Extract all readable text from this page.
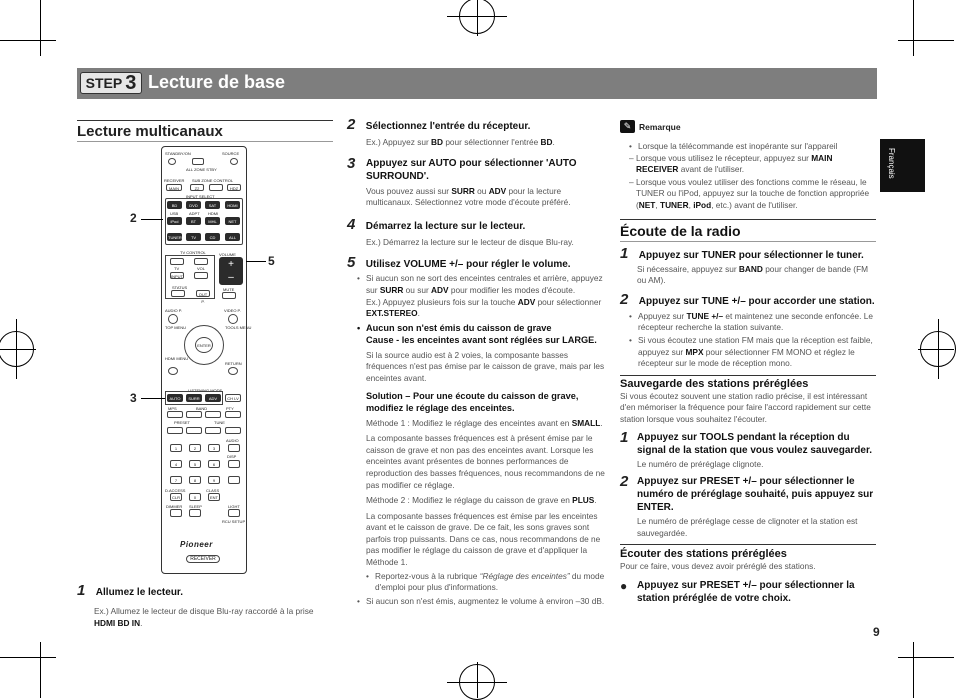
STEP 3 Lecture de base
Français
Lecture multicanaux
STANDBY/ON	SOURCE
ALL ZONE STBY
RECEIVER SUB ZONE CONTROL
MAIN	Z2	HDZ
INPUT SELECT
BD	DVD	SAT	HDMI
USB	ADPT HDMI
iPod	BT	MHL	NET
TUNER	TV	CD	ALL
TV CONTROL	VOLUME
TV	VOL
INPUT
+
–
STATUS
OUT P.
MUTE
AUDIO P.	VIDEO P.
TOP MENU	TOOLS MENU
ENTER
HDMI MENU
RETURN
LISTENING MODE
AUTO	SURR	ADV	CH LV
MPS	BAND	PTY
PRESET	TUNE
AUDIO
1	2	3
DISP
4	5	6
7	8	9
D.ACCESS	CLASS
CLR	0	ENT
DIMMER SLEEP	LIGHT
RCU SETUP
Pioneer
RECEIVER
2
5
3
1 Allumez le lecteur.
Ex.) Allumez le lecteur de disque Blu-ray raccordé à la prise HDMI BD IN.
2 Sélectionnez l'entrée du récepteur.
Ex.) Appuyez sur BD pour sélectionner l'entrée BD.
3	Appuyez sur AUTO pour sélectionner 'AUTO SURROUND'.
Vous pouvez aussi sur SURR ou ADV pour la lecture multicanaux. Sélectionnez votre mode d'écoute préféré.
4 Démarrez la lecture sur le lecteur.
Ex.) Démarrez la lecture sur le lecteur de disque Blu-ray.
5 Utilisez VOLUME +/– pour régler le volume.
• Si aucun son ne sort des enceintes centrales et arrière, appuyez sur SURR ou sur ADV pour modifier les modes d'écoute.
Ex.) Appuyez plusieurs fois sur la touche ADV pour sélectionner EXT.STEREO.
• Aucun son n'est émis du caisson de grave
Cause - les enceintes avant sont réglées sur LARGE.
Si la source audio est à 2 voies, la composante basses fréquences n'est pas émise par le caisson de grave, mais par les enceintes avant.
Solution – Pour une écoute du caisson de grave, modifiez le réglage des enceintes.
Méthode 1 : Modifiez le réglage des enceintes avant en SMALL.
La composante basses fréquences est à présent émise par le caisson de grave et non pas des enceintes avant. Lorsque les enceintes avant présentes de bonnes performances de reproduction des basses fréquences, nous recommandons de ne pas modifier ce réglage.
Méthode 2 : Modifiez le réglage du caisson de grave en PLUS.
La composante basses fréquences est émise par les enceintes avant et le caisson de grave. De ce fait, les sons graves sont parfois trop puissants. Dans ce cas, nous recommandons de ne pas modifier le réglage du caisson de grave et d'appliquer la Méthode 1.
• Reportez-vous à la rubrique “Réglage des enceintes” du mode d'emploi pour plus d'informations.
• Si aucun son n'est émis, augmentez le volume à environ –30 dB.
✎ Remarque
• Lorsque la télécommande est inopérante sur l'appareil
– Lorsque vous utilisez le récepteur, appuyez sur MAIN RECEIVER avant de l'utiliser.
– Lorsque vous voulez utiliser des fonctions comme le réseau, le TUNER ou l'iPod, appuyez sur la touche de fonction appropriée (NET, TUNER, iPod, etc.) avant de l'utiliser.
Écoute de la radio
1 Appuyez sur TUNER pour sélectionner le tuner.
Si nécessaire, appuyez sur BAND pour changer de bande (FM ou AM).
2 Appuyez sur TUNE +/– pour accorder une station.
• Appuyez sur TUNE +/– et maintenez une seconde enfoncée. Le récepteur recherche la station suivante.
• Si vous écoutez une station FM mais que la réception est faible, appuyez sur MPX pour sélectionner FM MONO et réglez le récepteur sur le mode de réception mono.
Sauvegarde des stations préréglées
Si vous écoutez souvent une station radio précise, il est intéressant d'en mémoriser la fréquence pour faire l'accord rapidement sur cette station lorsque vous souhaitez l'écouter.
1 Appuyez sur TOOLS pendant la réception du signal de la station que vous voulez sauvegarder.
Le numéro de préréglage clignote.
2 Appuyez sur PRESET +/– pour sélectionner le numéro de préréglage souhaité, puis appuyez sur ENTER.
Le numéro de préréglage cesse de clignoter et la station est sauvegardée.
Écouter des stations préréglées
Pour ce faire, vous devez avoir préréglé des stations.
● Appuyez sur PRESET +/– pour sélectionner la station préréglée de votre choix.
9
